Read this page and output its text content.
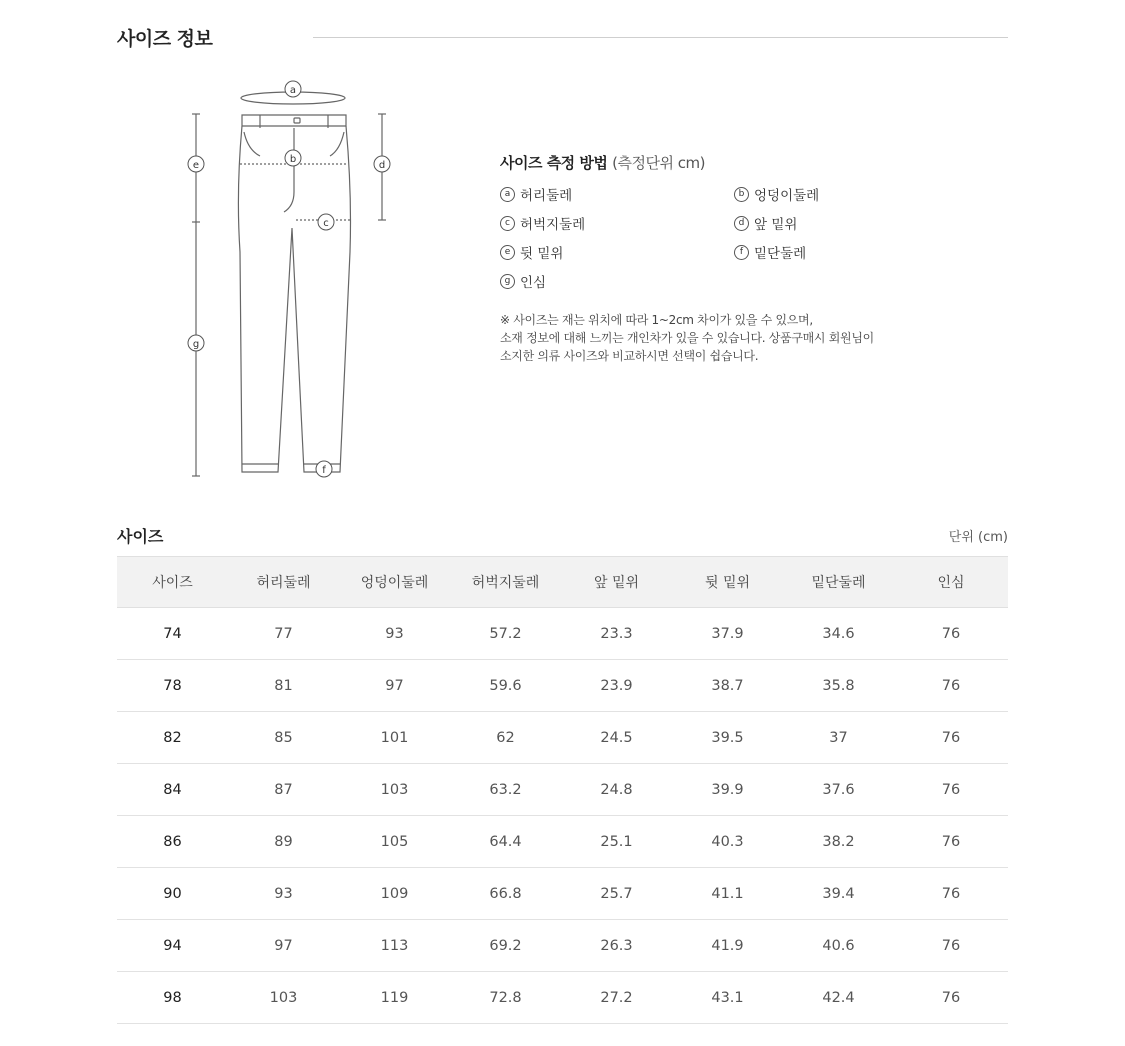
사이즈 정보
a
b
c
d
e
f
g
사이즈 측정 방법 (측정단위 cm)
a 허리둘레	b 엉덩이둘레
c 허벅지둘레	d 앞 밑위
e 뒷 밑위	f 밑단둘레
g 인심
※ 사이즈는 재는 위치에 따라 1~2cm 차이가 있을 수 있으며,
소재 정보에 대해 느끼는 개인차가 있을 수 있습니다. 상품구매시 회원님이
소지한 의류 사이즈와 비교하시면 선택이 쉽습니다.
사이즈	단위 (cm)
사이즈	허리둘레	엉덩이둘레	허벅지둘레	앞 밑위	뒷 밑위	밑단둘레	인심
74	77	93	57.2	23.3	37.9	34.6	76
78	81	97	59.6	23.9	38.7	35.8	76
82	85	101	62	24.5	39.5	37	76
84	87	103	63.2	24.8	39.9	37.6	76
86	89	105	64.4	25.1	40.3	38.2	76
90	93	109	66.8	25.7	41.1	39.4	76
94	97	113	69.2	26.3	41.9	40.6	76
98	103	119	72.8	27.2	43.1	42.4	76
